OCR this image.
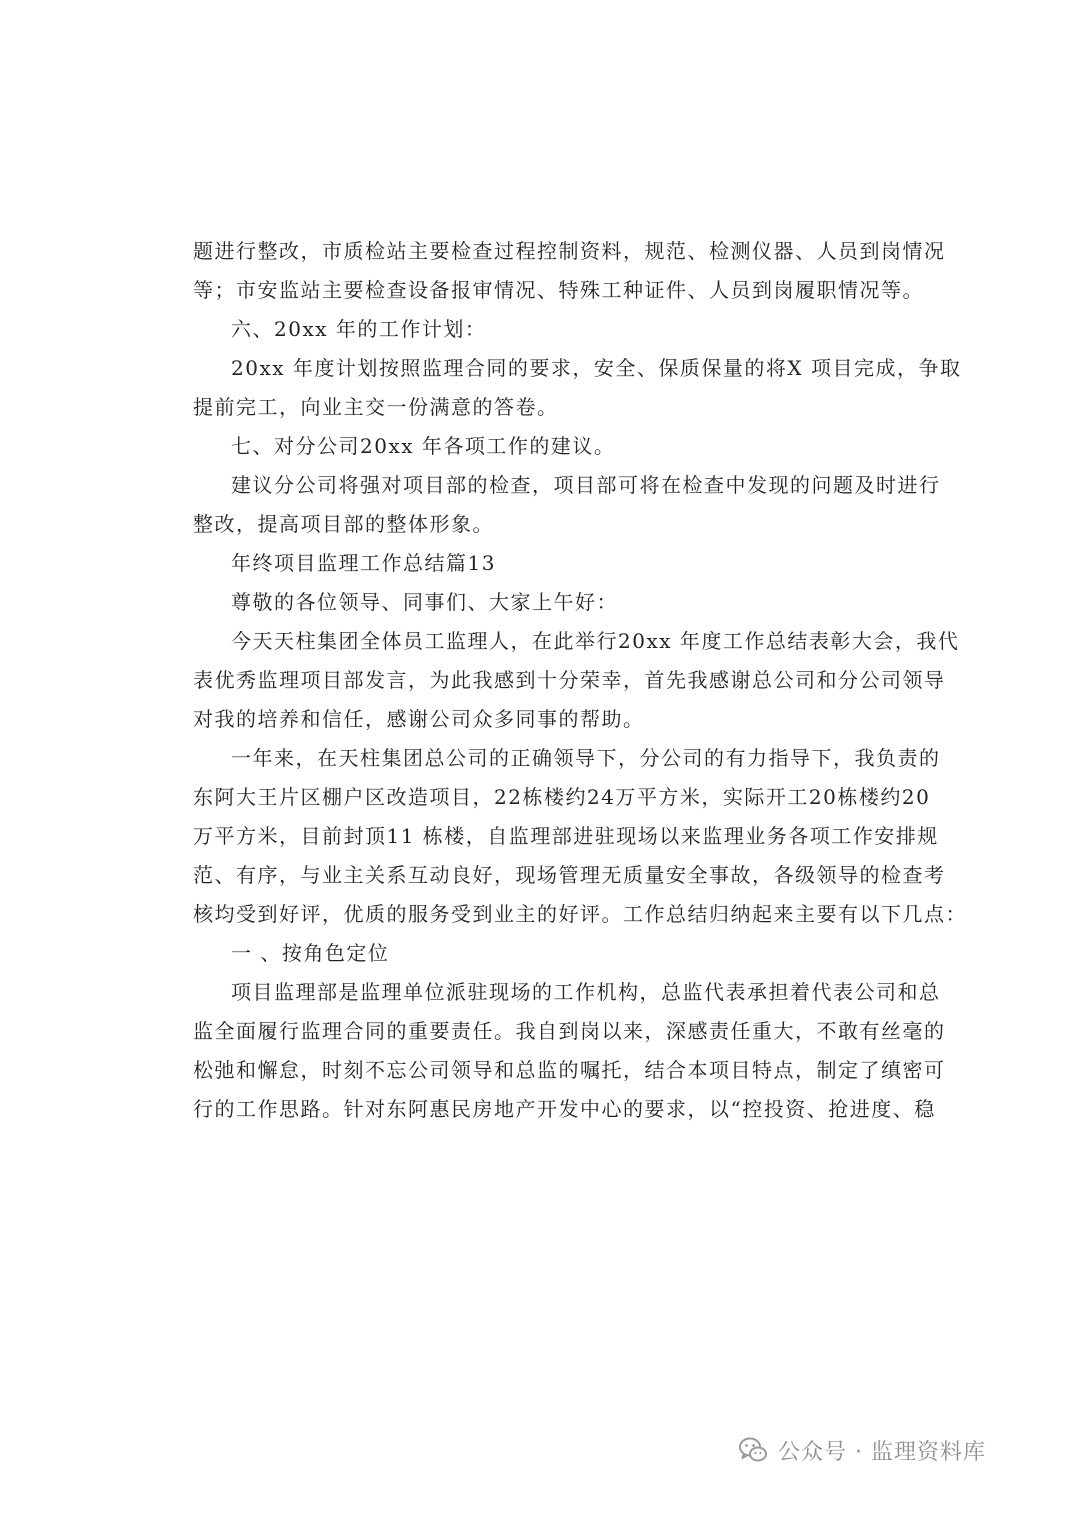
题进行整改，市质检站主要检查过程控制资料，规范、检测仪器、人员到岗情况
等；市安监站主要检查设备报审情况、特殊工种证件、人员到岗履职情况等。
六、20xx 年的工作计划：
20xx 年度计划按照监理合同的要求，安全、保质保量的将X 项目完成，争取
提前完工，向业主交一份满意的答卷。
七、对分公司20xx 年各项工作的建议。
建议分公司将强对项目部的检查，项目部可将在检查中发现的问题及时进行
整改，提高项目部的整体形象。
年终项目监理工作总结篇13
尊敬的各位领导、同事们、大家上午好：
今天天柱集团全体员工监理人，在此举行20xx 年度工作总结表彰大会，我代
表优秀监理项目部发言，为此我感到十分荣幸，首先我感谢总公司和分公司领导
对我的培养和信任，感谢公司众多同事的帮助。
一年来，在天柱集团总公司的正确领导下，分公司的有力指导下，我负责的
东阿大王片区棚户区改造项目，22栋楼约24万平方米，实际开工20栋楼约20
万平方米，目前封顶11 栋楼，自监理部进驻现场以来监理业务各项工作安排规
范、有序，与业主关系互动良好，现场管理无质量安全事故，各级领导的检查考
核均受到好评，优质的服务受到业主的好评。工作总结归纳起来主要有以下几点：
一 、按角色定位
项目监理部是监理单位派驻现场的工作机构，总监代表承担着代表公司和总
监全面履行监理合同的重要责任。我自到岗以来，深感责任重大，不敢有丝毫的
松弛和懈怠，时刻不忘公司领导和总监的嘱托，结合本项目特点，制定了缜密可
行的工作思路。针对东阿惠民房地产开发中心的要求，以“控投资、抢进度、稳
公众号 · 监理资料库
